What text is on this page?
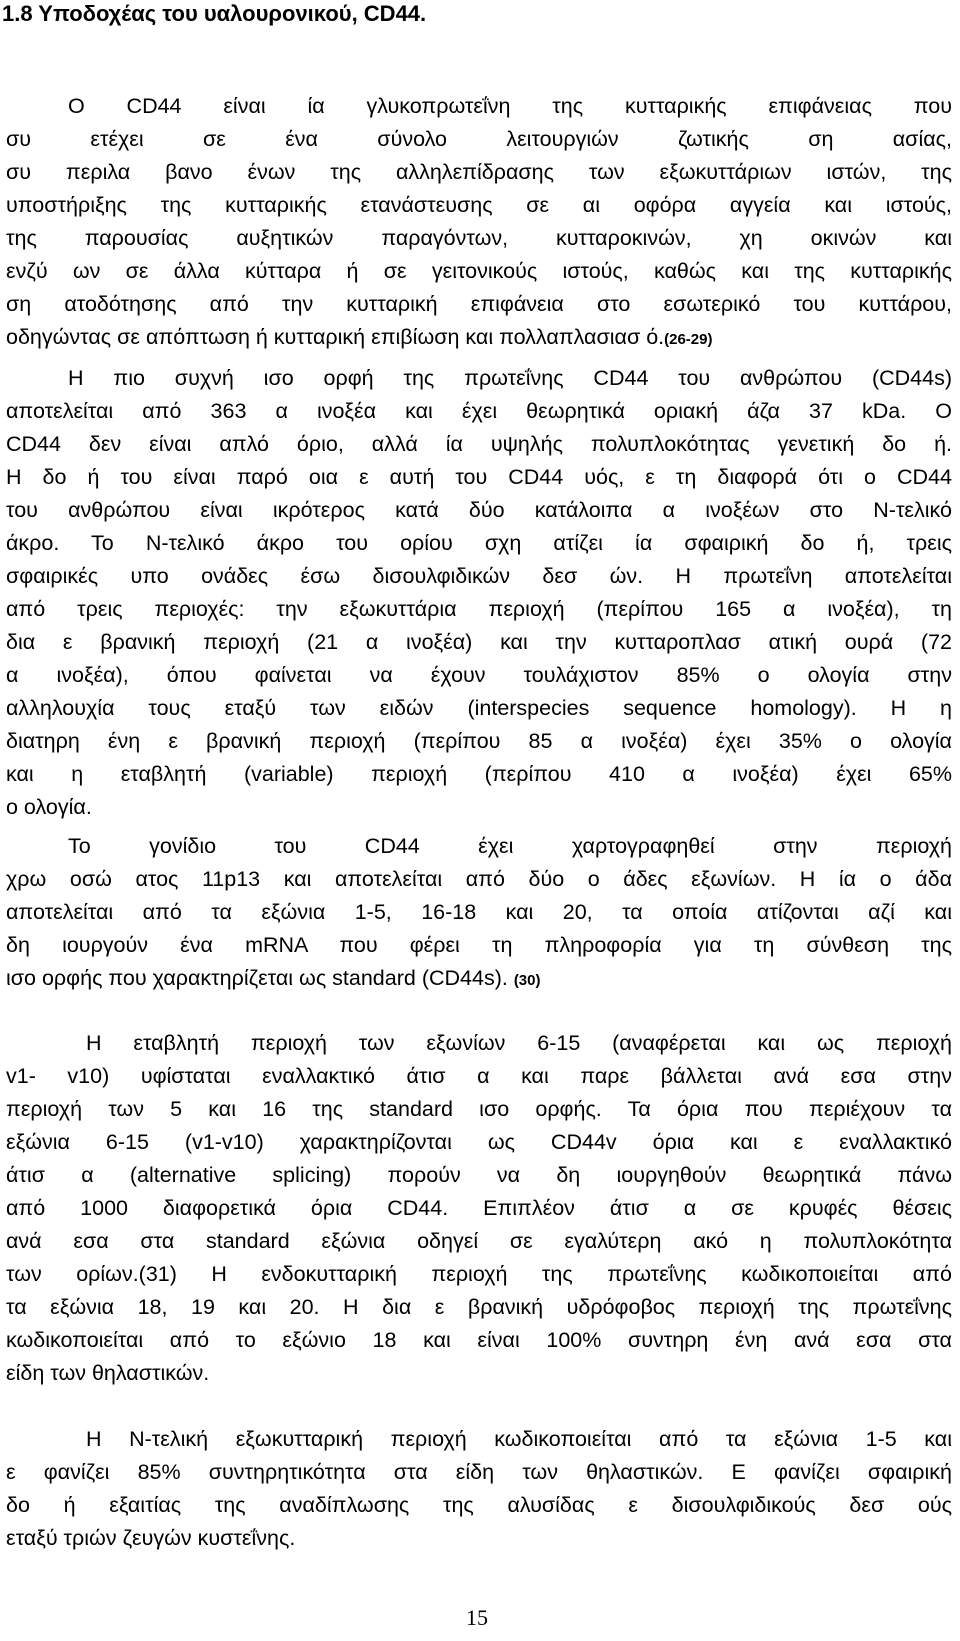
1.8 Υποδοχέας του υαλουρονικού, CD44.
Ο CD44 είναι ία γλυκοπρωτεΐνη της κυτταρικής επιφάνειας που
συ ετέχει σε ένα σύνολο λειτουργιών ζωτικής ση ασίας,
συ περιλα βανο ένων της αλληλεπίδρασης των εξωκυττάριων ιστών, της
υποστήριξης της κυτταρικής ετανάστευσης σε αι οφόρα αγγεία και ιστούς,
της παρουσίας αυξητικών παραγόντων, κυτταροκινών, χη οκινών και
ενζύ ων σε άλλα κύτταρα ή σε γειτονικούς ιστούς, καθώς και της κυτταρικής
ση ατοδότησης από την κυτταρική επιφάνεια στο εσωτερικό του κυττάρου,
οδηγώντας σε απόπτωση ή κυτταρική επιβίωση και πολλαπλασιασ ό.(26-29)
Η πιο συχνή ισο ορφή της πρωτεΐνης CD44 του ανθρώπου (CD44s)
αποτελείται από 363 α ινοξέα και έχει θεωρητικά οριακή άζα 37 kDa. Ο
CD44 δεν είναι απλό όριο, αλλά ία υψηλής πολυπλοκότητας γενετική δο ή.
Η δο ή του είναι παρό οια ε αυτή του CD44 υός, ε τη διαφορά ότι ο CD44
του ανθρώπου είναι ικρότερος κατά δύο κατάλοιπα α ινοξέων στο Ν-τελικό
άκρο. Το Ν-τελικό άκρο του ορίου σχη ατίζει ία σφαιρική δο ή, τρεις
σφαιρικές υπο ονάδες έσω δισουλφιδικών δεσ ών. Η πρωτεΐνη αποτελείται
από τρεις περιοχές: την εξωκυττάρια περιοχή (περίπου 165 α ινοξέα), τη
δια ε βρανική περιοχή (21 α ινοξέα) και την κυτταροπλασ ατική ουρά (72
α ινοξέα), όπου φαίνεται να έχουν τουλάχιστον 85% ο ολογία στην
αλληλουχία τους εταξύ των ειδών (interspecies sequence homology). Η η
διατηρη ένη ε βρανική περιοχή (περίπου 85 α ινοξέα) έχει 35% ο ολογία
και η εταβλητή (variable) περιοχή (περίπου 410 α ινοξέα) έχει 65%
ο ολογία.
Το γονίδιο του CD44 έχει χαρτογραφηθεί στην περιοχή
χρω οσώ ατος 11p13 και αποτελείται από δύο ο άδες εξωνίων. Η ία ο άδα
αποτελείται από τα εξώνια 1-5, 16-18 και 20, τα οποία ατίζονται αζί και
δη ιουργούν ένα mRNA που φέρει τη πληροφορία για τη σύνθεση της
ισο ορφής που χαρακτηρίζεται ως standard (CD44s). (30)
Η εταβλητή περιοχή των εξωνίων 6-15 (αναφέρεται και ως περιοχή
v1- v10) υφίσταται εναλλακτικό άτισ α και παρε βάλλεται ανά εσα στην
περιοχή των 5 και 16 της standard ισο ορφής. Τα όρια που περιέχουν τα
εξώνια 6-15 (v1-v10) χαρακτηρίζονται ως CD44v όρια και ε εναλλακτικό
άτισ α (alternative splicing) πορούν να δη ιουργηθούν θεωρητικά πάνω
από 1000 διαφορετικά όρια CD44. Επιπλέον άτισ α σε κρυφές θέσεις
ανά εσα στα standard εξώνια οδηγεί σε εγαλύτερη ακό η πολυπλοκότητα
των ορίων.(31) Η ενδοκυτταρική περιοχή της πρωτεΐνης κωδικοποιείται από
τα εξώνια 18, 19 και 20. Η δια ε βρανική υδρόφοβος περιοχή της πρωτεΐνης
κωδικοποιείται από το εξώνιο 18 και είναι 100% συντηρη ένη ανά εσα στα
είδη των θηλαστικών.
Η Ν-τελική εξωκυτταρική περιοχή κωδικοποιείται από τα εξώνια 1-5 και
ε φανίζει 85% συντηρητικότητα στα είδη των θηλαστικών. Ε φανίζει σφαιρική
δο ή εξαιτίας της αναδίπλωσης της αλυσίδας ε δισουλφιδικούς δεσ ούς
εταξύ τριών ζευγών κυστεΐνης.
15
